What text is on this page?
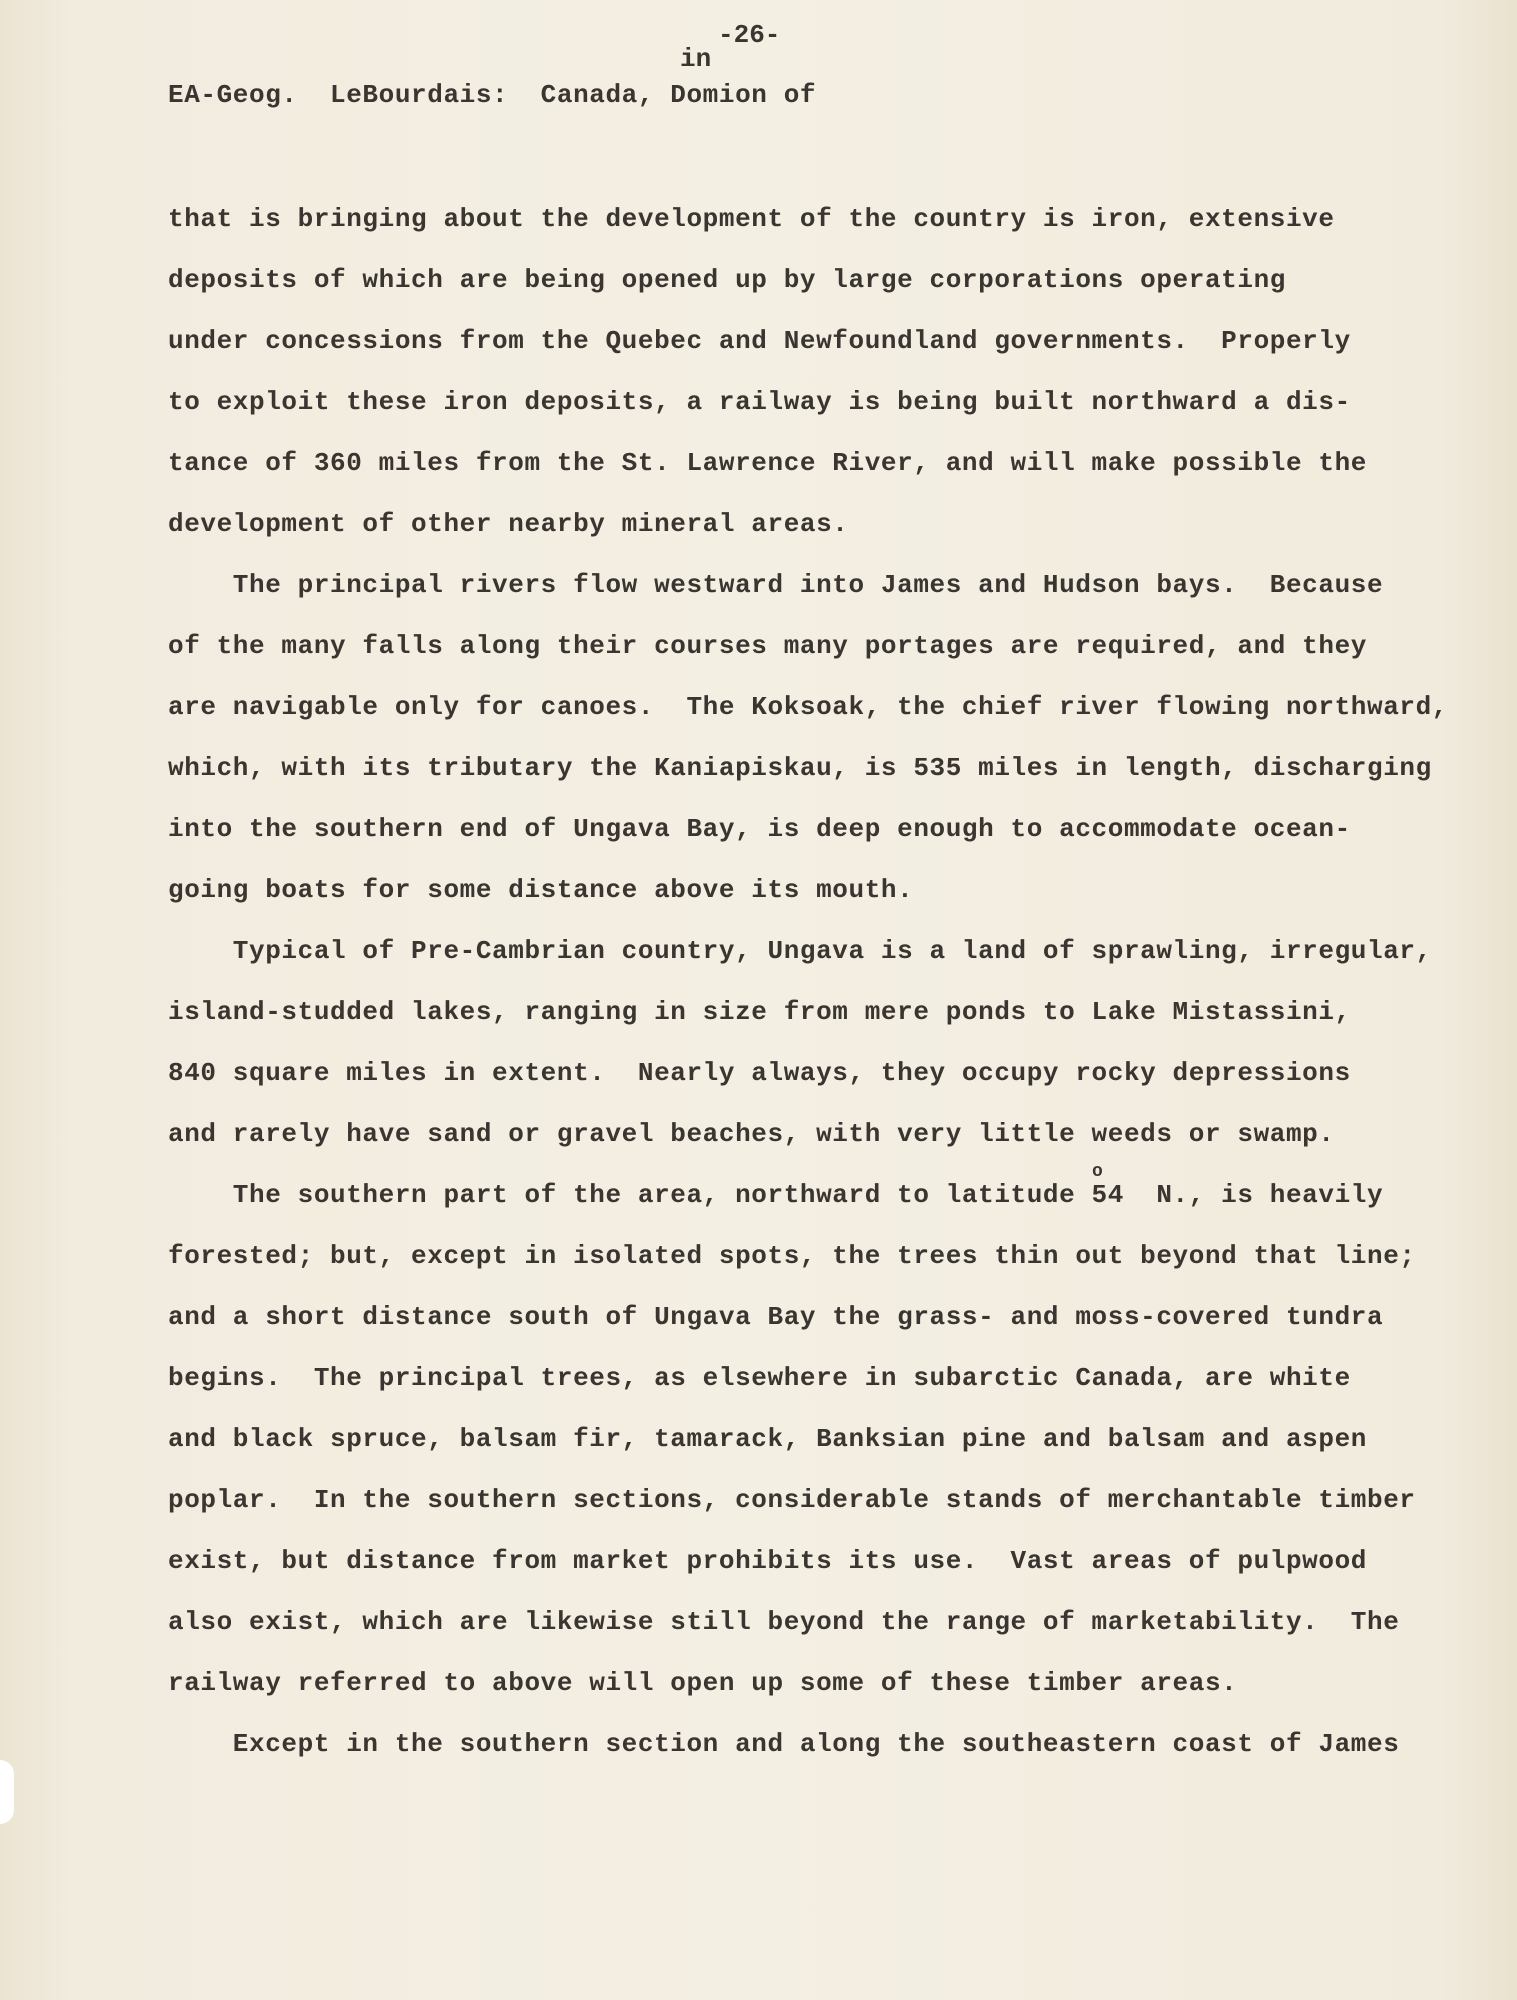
-26-
in
EA-Geog.  LeBourdais:  Canada, Domion of
that is bringing about the development of the country is iron, extensive
deposits of which are being opened up by large corporations operating
under concessions from the Quebec and Newfoundland governments.  Properly
to exploit these iron deposits, a railway is being built northward a dis-
tance of 360 miles from the St. Lawrence River, and will make possible the
development of other nearby mineral areas.
The principal rivers flow westward into James and Hudson bays.  Because
of the many falls along their courses many portages are required, and they
are navigable only for canoes.  The Koksoak, the chief river flowing northward,
which, with its tributary the Kaniapiskau, is 535 miles in length, discharging
into the southern end of Ungava Bay, is deep enough to accommodate ocean-
going boats for some distance above its mouth.
Typical of Pre-Cambrian country, Ungava is a land of sprawling, irregular,
island-studded lakes, ranging in size from mere ponds to Lake Mistassini,
840 square miles in extent.  Nearly always, they occupy rocky depressions
and rarely have sand or gravel beaches, with very little weeds or swamp.
The southern part of the area, northward to latitude 54  N., is heavily
forested; but, except in isolated spots, the trees thin out beyond that line;
and a short distance south of Ungava Bay the grass- and moss-covered tundra
begins.  The principal trees, as elsewhere in subarctic Canada, are white
and black spruce, balsam fir, tamarack, Banksian pine and balsam and aspen
poplar.  In the southern sections, considerable stands of merchantable timber
exist, but distance from market prohibits its use.  Vast areas of pulpwood
also exist, which are likewise still beyond the range of marketability.  The
railway referred to above will open up some of these timber areas.
Except in the southern section and along the southeastern coast of James
o
